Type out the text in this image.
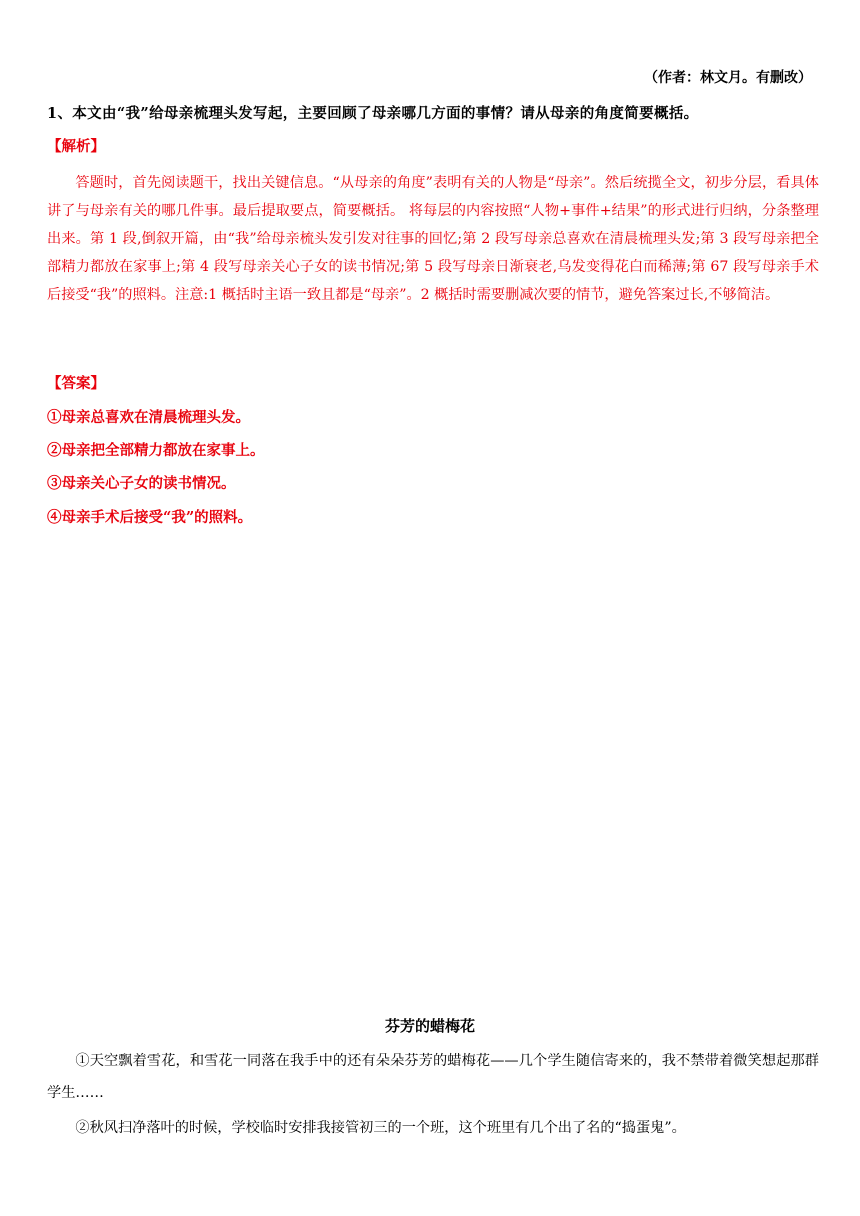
（作者：林文月。有删改）
1、本文由“我”给母亲梳理头发写起，主要回顾了母亲哪几方面的事情？请从母亲的角度简要概括。
【解析】

答题时，首先阅读题干，找出关键信息。“从母亲的角度”表明有关的人物是“母亲”。然后统揽全文，初步分层，看具体讲了与母亲有关的哪几件事。最后提取要点，简要概括。 将每层的内容按照“人物+事件+结果”的形式进行归纳，分条整理出来。第 1 段,倒叙开篇，由“我”给母亲梳头发引发对往事的回忆;第 2 段写母亲总喜欢在清晨梳理头发;第 3 段写母亲把全部精力都放在家事上;第 4 段写母亲关心子女的读书情况;第 5 段写母亲日渐衰老,乌发变得花白而稀薄;第 67 段写母亲手术后接受“我”的照料。注意:1 概括时主语一致且都是“母亲”。2 概括时需要删减次要的情节，避免答案过长,不够简洁。

【答案】
①母亲总喜欢在清晨梳理头发。
②母亲把全部精力都放在家事上。
③母亲关心子女的读书情况。
④母亲手术后接受“我”的照料。
芬芳的蜡梅花

①天空飘着雪花，和雪花一同落在我手中的还有朵朵芬芳的蜡梅花——几个学生随信寄来的，我不禁带着微笑想起那群学生……

②秋风扫净落叶的时候，学校临时安排我接管初三的一个班，这个班里有几个出了名的“捣蛋鬼”。
